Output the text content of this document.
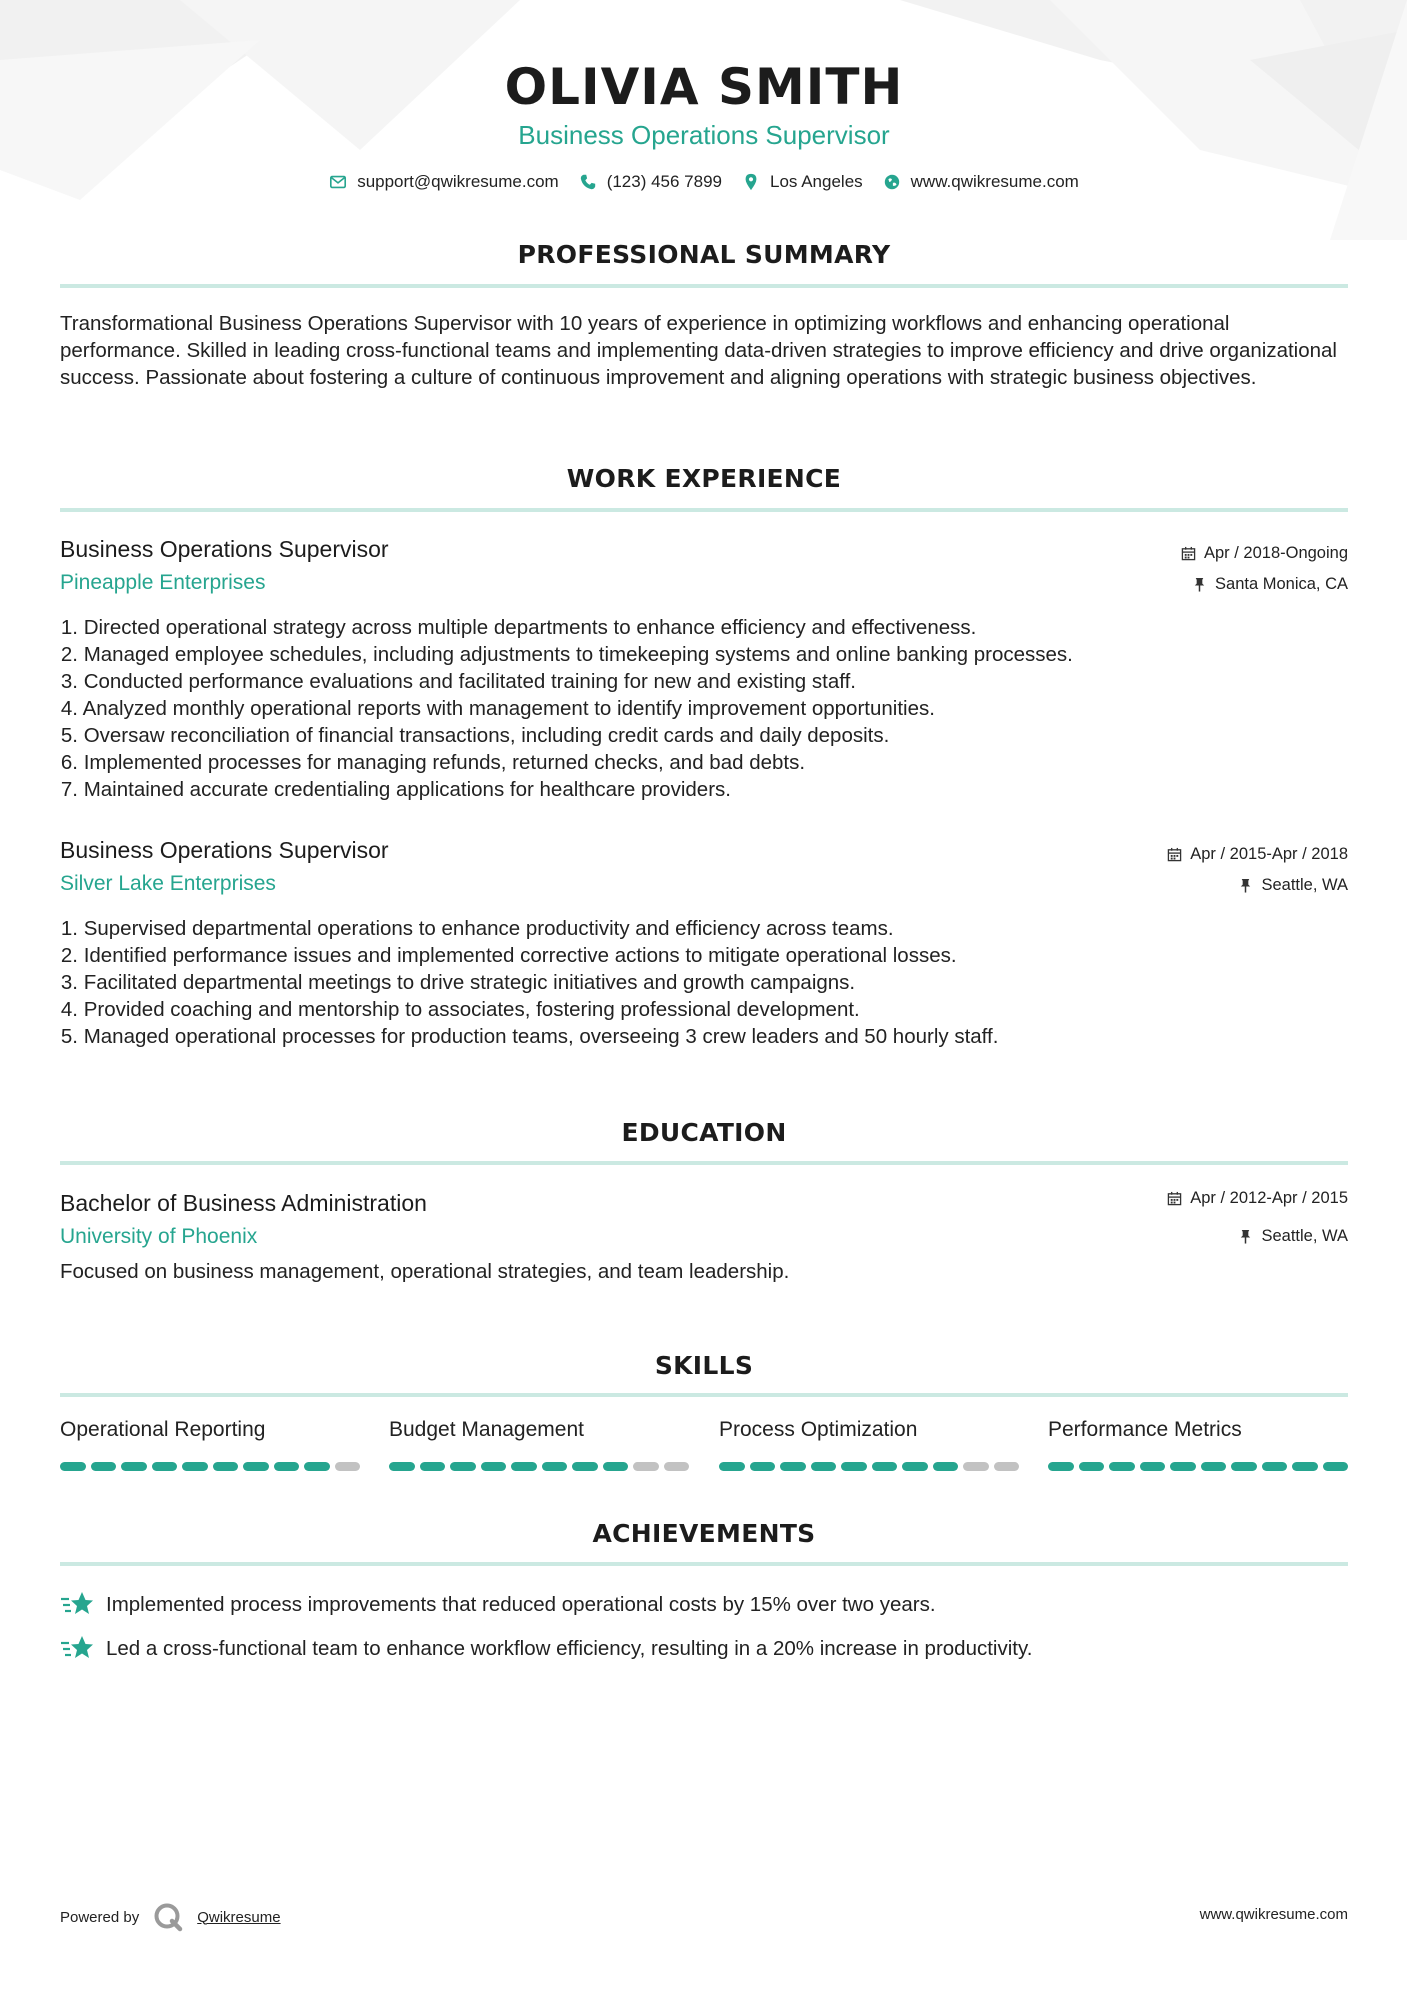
OLIVIA SMITH
Business Operations Supervisor
support@qwikresume.com	(123) 456 7899	Los Angeles	www.qwikresume.com
PROFESSIONAL SUMMARY
Transformational Business Operations Supervisor with 10 years of experience in optimizing workflows and enhancing operational performance. Skilled in leading cross-functional teams and implementing data-driven strategies to improve efficiency and drive organizational success. Passionate about fostering a culture of continuous improvement and aligning operations with strategic business objectives.
WORK EXPERIENCE
Business Operations Supervisor
Pineapple Enterprises
Apr / 2018-Ongoing
Santa Monica, CA
1. Directed operational strategy across multiple departments to enhance efficiency and effectiveness.
2. Managed employee schedules, including adjustments to timekeeping systems and online banking processes.
3. Conducted performance evaluations and facilitated training for new and existing staff.
4. Analyzed monthly operational reports with management to identify improvement opportunities.
5. Oversaw reconciliation of financial transactions, including credit cards and daily deposits.
6. Implemented processes for managing refunds, returned checks, and bad debts.
7. Maintained accurate credentialing applications for healthcare providers.
Business Operations Supervisor
Silver Lake Enterprises
Apr / 2015-Apr / 2018
Seattle, WA
1. Supervised departmental operations to enhance productivity and efficiency across teams.
2. Identified performance issues and implemented corrective actions to mitigate operational losses.
3. Facilitated departmental meetings to drive strategic initiatives and growth campaigns.
4. Provided coaching and mentorship to associates, fostering professional development.
5. Managed operational processes for production teams, overseeing 3 crew leaders and 50 hourly staff.
EDUCATION
Bachelor of Business Administration
University of Phoenix
Apr / 2012-Apr / 2015
Seattle, WA
Focused on business management, operational strategies, and team leadership.
SKILLS
Operational Reporting	Budget Management	Process Optimization	Performance Metrics
ACHIEVEMENTS
Implemented process improvements that reduced operational costs by 15% over two years.
Led a cross-functional team to enhance workflow efficiency, resulting in a 20% increase in productivity.
Powered by	Qwikresume	www.qwikresume.com
